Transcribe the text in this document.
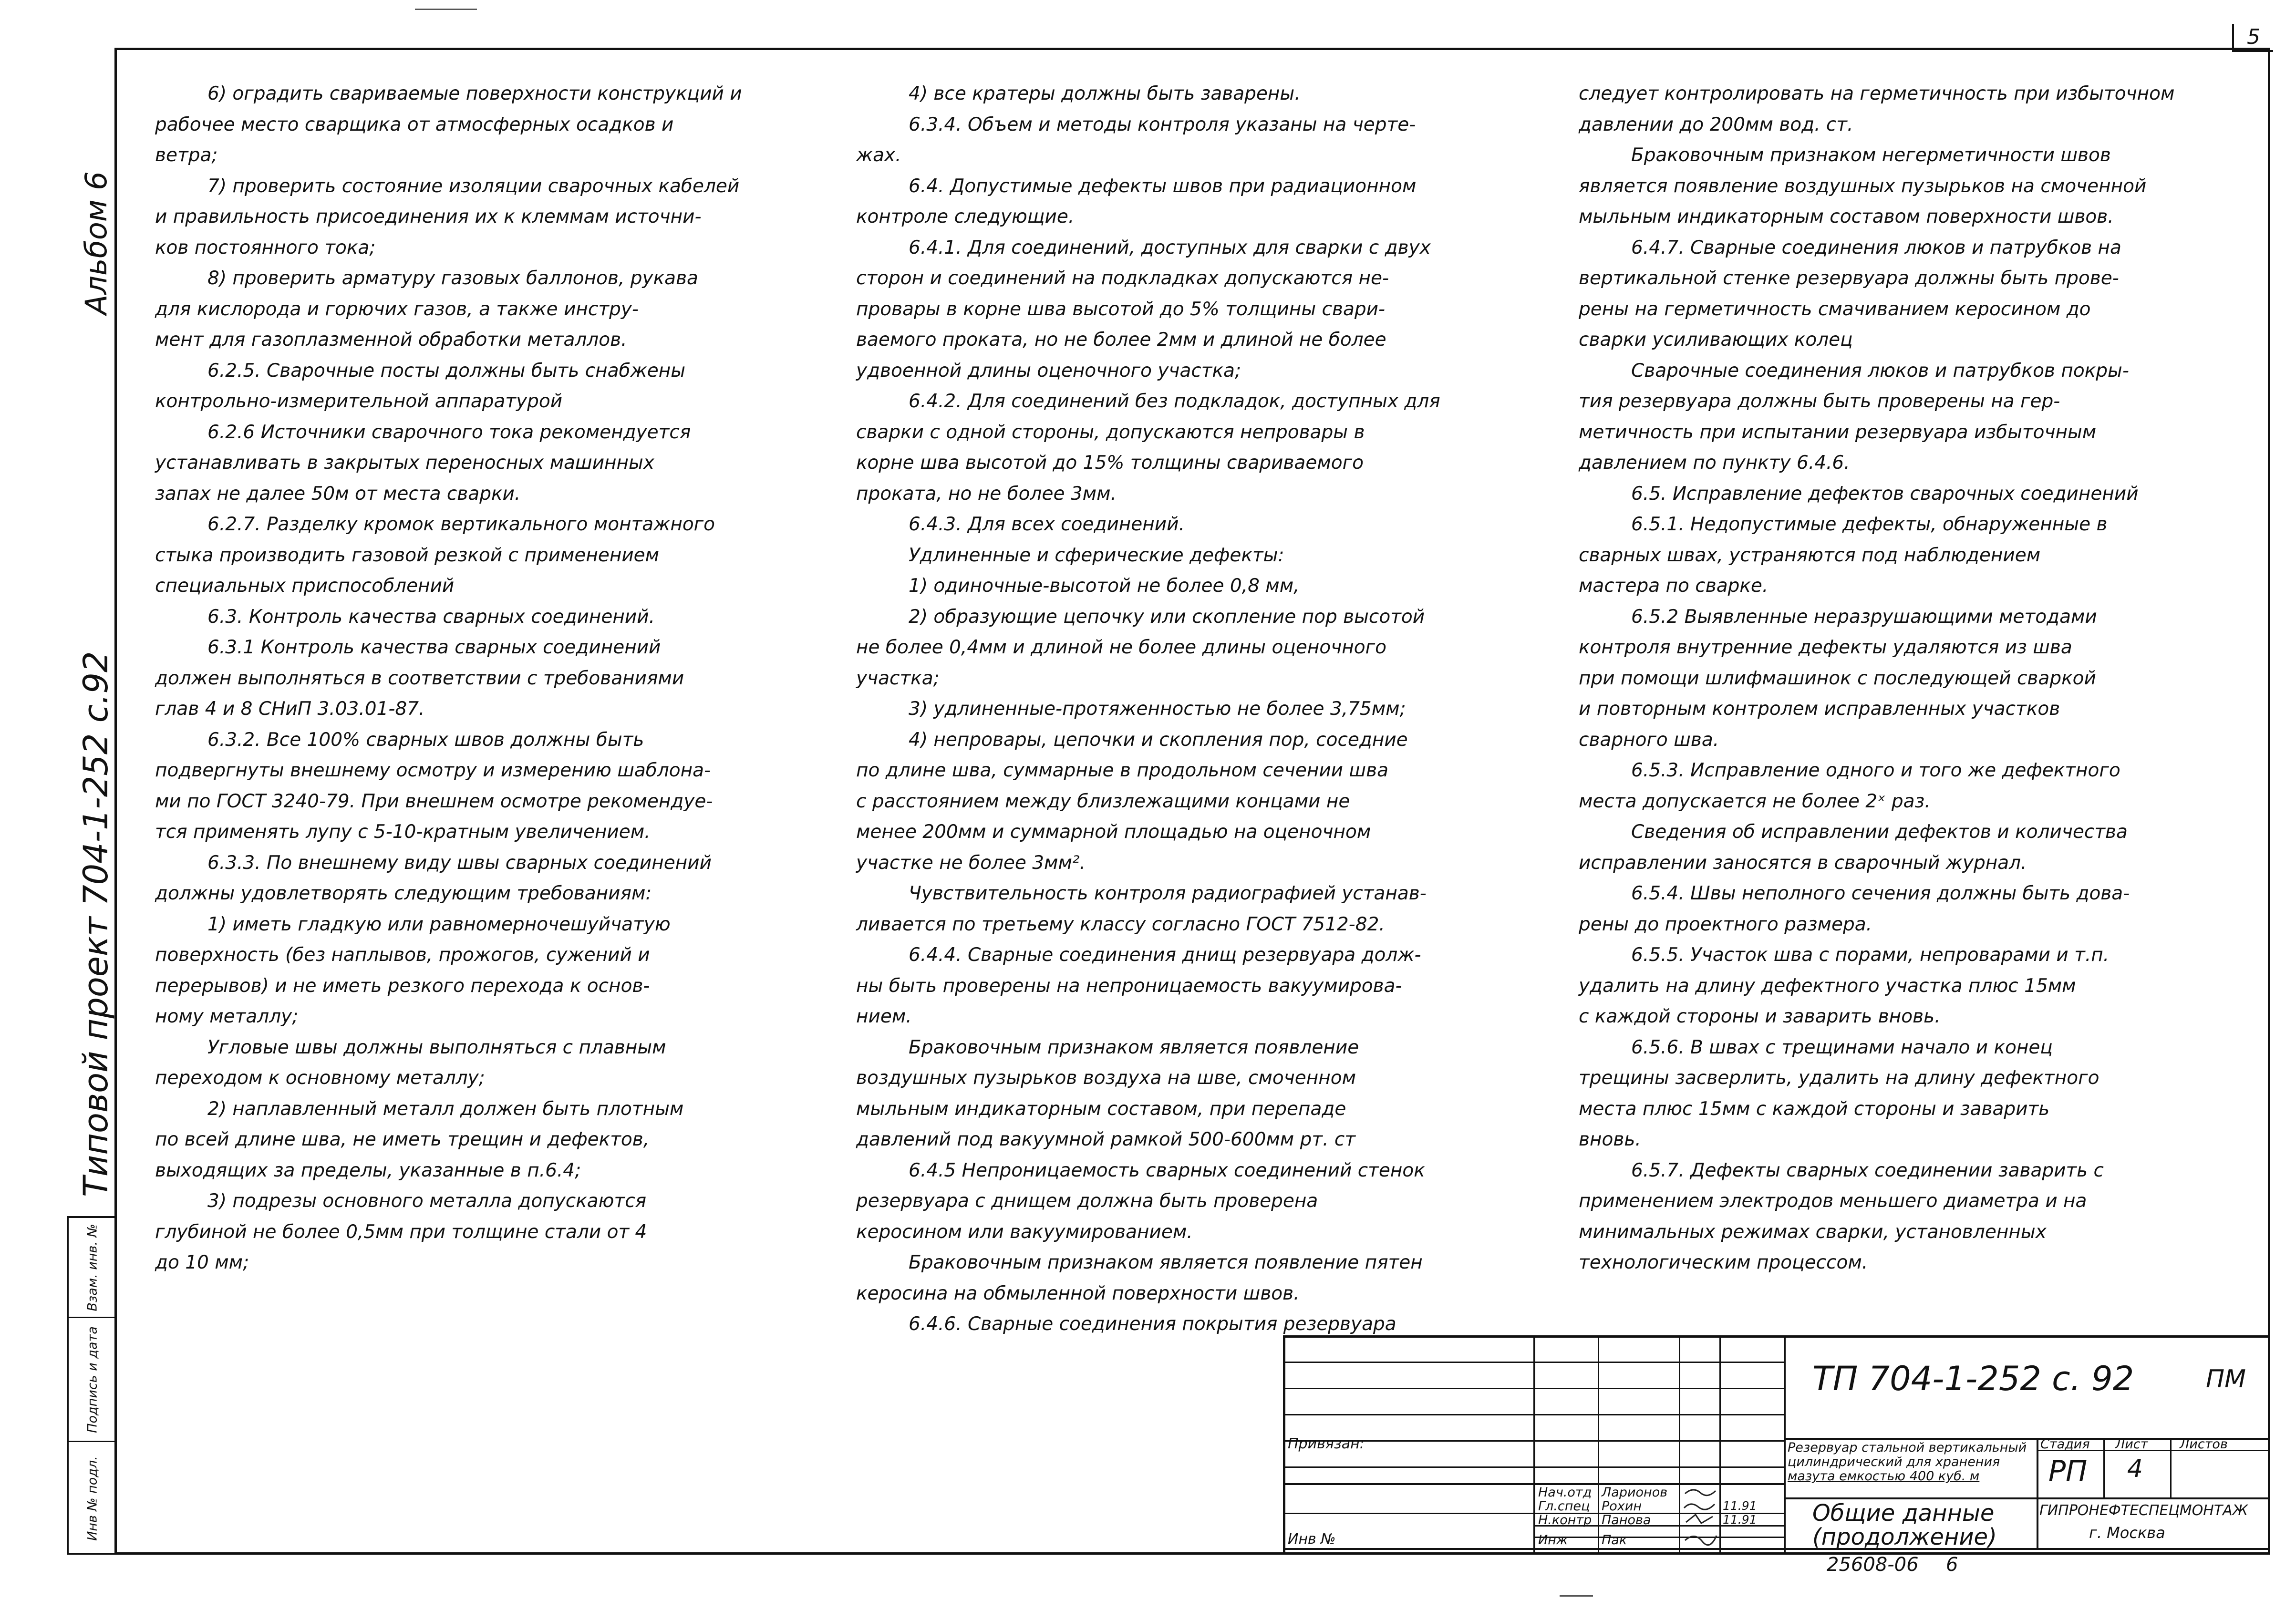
5
Альбом 6
Типовой проект 704-1-252 с.92
Взам. инв. №
Подпись и дата
Инв № подл.

6) оградить свариваемые поверхности конструкций и

рабочее место сварщика от атмосферных осадков и

ветра;

7) проверить состояние изоляции сварочных кабелей

и правильность присоединения их к клеммам источни-

ков постоянного тока;

8) проверить арматуру газовых баллонов, рукава

для кислорода и горючих газов, а также инстру-

мент для газоплазменной обработки металлов.

6.2.5. Сварочные посты должны быть снабжены

контрольно-измерительной аппаратурой

6.2.6 Источники сварочного тока рекомендуется

устанавливать в закрытых переносных машинных

запах не далее 50м от места сварки.

6.2.7. Разделку кромок вертикального монтажного

стыка производить газовой резкой с применением

специальных приспособлений

6.3. Контроль качества сварных соединений.

6.3.1 Контроль качества сварных соединений

должен выполняться в соответствии с требованиями

глав 4 и 8 СНиП 3.03.01-87.

6.3.2. Все 100% сварных швов должны быть

подвергнуты внешнему осмотру и измерению шаблона-

ми по ГОСТ 3240-79. При внешнем осмотре рекомендуе-

тся применять лупу с 5-10-кратным увеличением.

6.3.3. По внешнему виду швы сварных соединений

должны удовлетворять следующим требованиям:

1) иметь гладкую или равномерночешуйчатую

поверхность (без наплывов, прожогов, сужений и

перерывов) и не иметь резкого перехода к основ-

ному металлу;

Угловые швы должны выполняться с плавным

переходом к основному металлу;

2) наплавленный металл должен быть плотным

по всей длине шва, не иметь трещин и дефектов,

выходящих за пределы, указанные в п.6.4;

3) подрезы основного металла допускаются

глубиной не более 0,5мм при толщине стали от 4

до 10 мм;

4) все кратеры должны быть заварены.

6.3.4. Объем и методы контроля указаны на черте-

жах.

6.4. Допустимые дефекты швов при радиационном

контроле следующие.

6.4.1. Для соединений, доступных для сварки с двух

сторон и соединений на подкладках допускаются не-

провары в корне шва высотой до 5% толщины свари-

ваемого проката, но не более 2мм и длиной не более

удвоенной длины оценочного участка;

6.4.2. Для соединений без подкладок, доступных для

сварки с одной стороны, допускаются непровары в

корне шва высотой до 15% толщины свариваемого

проката, но не более 3мм.

6.4.3. Для всех соединений.

Удлиненные и сферические дефекты:

1) одиночные-высотой не более 0,8 мм,

2) образующие цепочку или скопление пор высотой

не более 0,4мм и длиной не более длины оценочного

участка;

3) удлиненные-протяженностью не более 3,75мм;

4) непровары, цепочки и скопления пор, соседние

по длине шва, суммарные в продольном сечении шва

с расстоянием между близлежащими концами не

менее 200мм и суммарной площадью на оценочном

участке не более 3мм².

Чувствительность контроля радиографией устанав-

ливается по третьему классу согласно ГОСТ 7512-82.

6.4.4. Сварные соединения днищ резервуара долж-

ны быть проверены на непроницаемость вакуумирова-

нием.

Браковочным признаком является появление

воздушных пузырьков воздуха на шве, смоченном

мыльным индикаторным составом, при перепаде

давлений под вакуумной рамкой 500-600мм рт. ст

6.4.5 Непроницаемость сварных соединений стенок

резервуара с днищем должна быть проверена

керосином или вакуумированием.

Браковочным признаком является появление пятен

керосина на обмыленной поверхности швов.

6.4.6. Сварные соединения покрытия резервуара

следует контролировать на герметичность при избыточном

давлении до 200мм вод. ст.

Браковочным признаком негерметичности швов

является появление воздушных пузырьков на смоченной

мыльным индикаторным составом поверхности швов.

6.4.7. Сварные соединения люков и патрубков на

вертикальной стенке резервуара должны быть прове-

рены на герметичность смачиванием керосином до

сварки усиливающих колец

Сварочные соединения люков и патрубков покры-

тия резервуара должны быть проверены на гер-

метичность при испытании резервуара избыточным

давлением по пункту 6.4.6.

6.5. Исправление дефектов сварочных соединений

6.5.1. Недопустимые дефекты, обнаруженные в

сварных швах, устраняются под наблюдением

мастера по сварке.

6.5.2 Выявленные неразрушающими методами

контроля внутренние дефекты удаляются из шва

при помощи шлифмашинок с последующей сваркой

и повторным контролем исправленных участков

сварного шва.

6.5.3. Исправление одного и того же дефектного

места допускается не более 2ˣ раз.

Сведения об исправлении дефектов и количества

исправлении заносятся в сварочный журнал.

6.5.4. Швы неполного сечения должны быть дова-

рены до проектного размера.

6.5.5. Участок шва с порами, непроварами и т.п.

удалить на длину дефектного участка плюс 15мм

с каждой стороны и заварить вновь.

6.5.6. В швах с трещинами начало и конец

трещины засверлить, удалить на длину дефектного

места плюс 15мм с каждой стороны и заварить

вновь.

6.5.7. Дефекты сварных соединении заварить с

применением электродов меньшего диаметра и на

минимальных режимах сварки, установленных

технологическим процессом.

ТП 704-1-252 с. 92	ПМ
Привязан:
Инв №
Нач.отд
Гл.спец
Н.контр
Инж
Ларионов
Рохин
Панова
Пак
11.91
11.91
Резервуар стальной вертикальный
цилиндрический для хранения
мазута емкостью 400 куб. м
Стадия Лист Листов
РП 4
Общие данные
(продолжение)
ГИПРОНЕФТЕСПЕЦМОНТАЖ
г. Москва
25608-06 6
